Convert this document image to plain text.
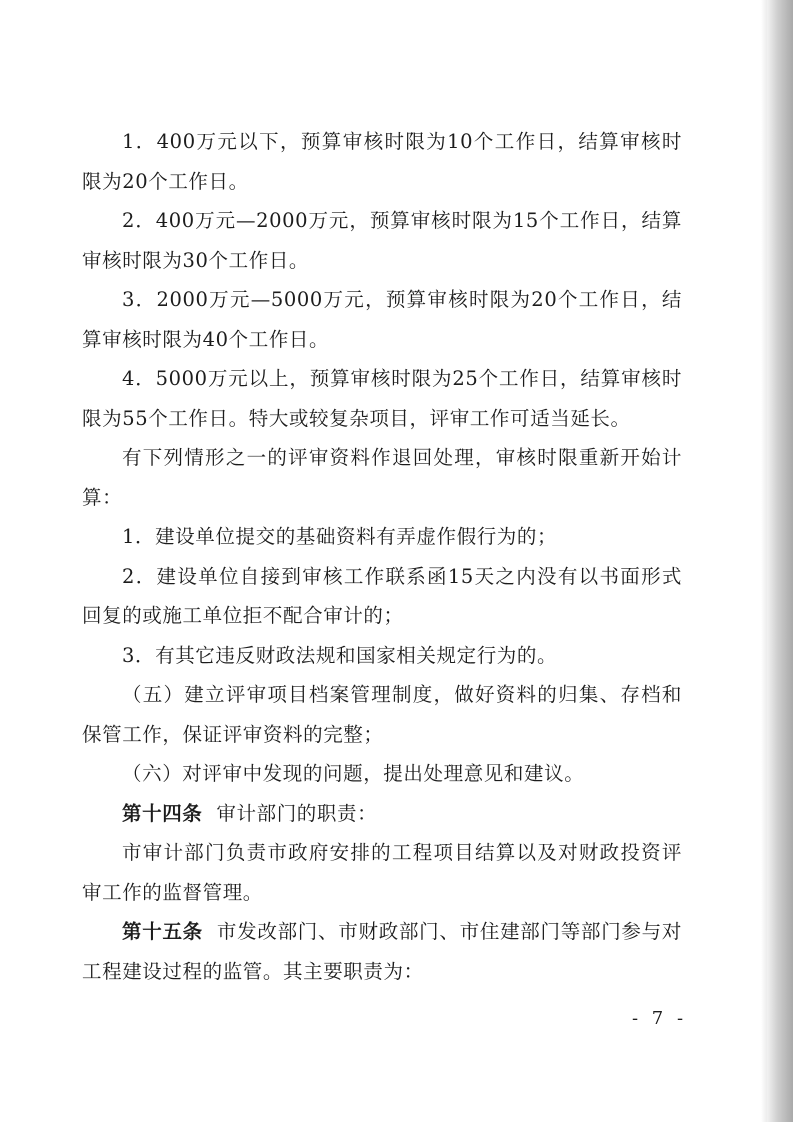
1．400万元以下，预算审核时限为10个工作日，结算审核时限为20个工作日。

2．400万元—2000万元，预算审核时限为15个工作日，结算审核时限为30个工作日。

3．2000万元—5000万元，预算审核时限为20个工作日，结算审核时限为40个工作日。

4．5000万元以上，预算审核时限为25个工作日，结算审核时限为55个工作日。特大或较复杂项目，评审工作可适当延长。

有下列情形之一的评审资料作退回处理，审核时限重新开始计算：

1．建设单位提交的基础资料有弄虚作假行为的；

2．建设单位自接到审核工作联系函15天之内没有以书面形式回复的或施工单位拒不配合审计的；

3．有其它违反财政法规和国家相关规定行为的。

（五）建立评审项目档案管理制度，做好资料的归集、存档和保管工作，保证评审资料的完整；

（六）对评审中发现的问题，提出处理意见和建议。

第十四条 审计部门的职责：

市审计部门负责市政府安排的工程项目结算以及对财政投资评审工作的监督管理。

第十五条 市发改部门、市财政部门、市住建部门等部门参与对工程建设过程的监管。其主要职责为：

- 7 -
